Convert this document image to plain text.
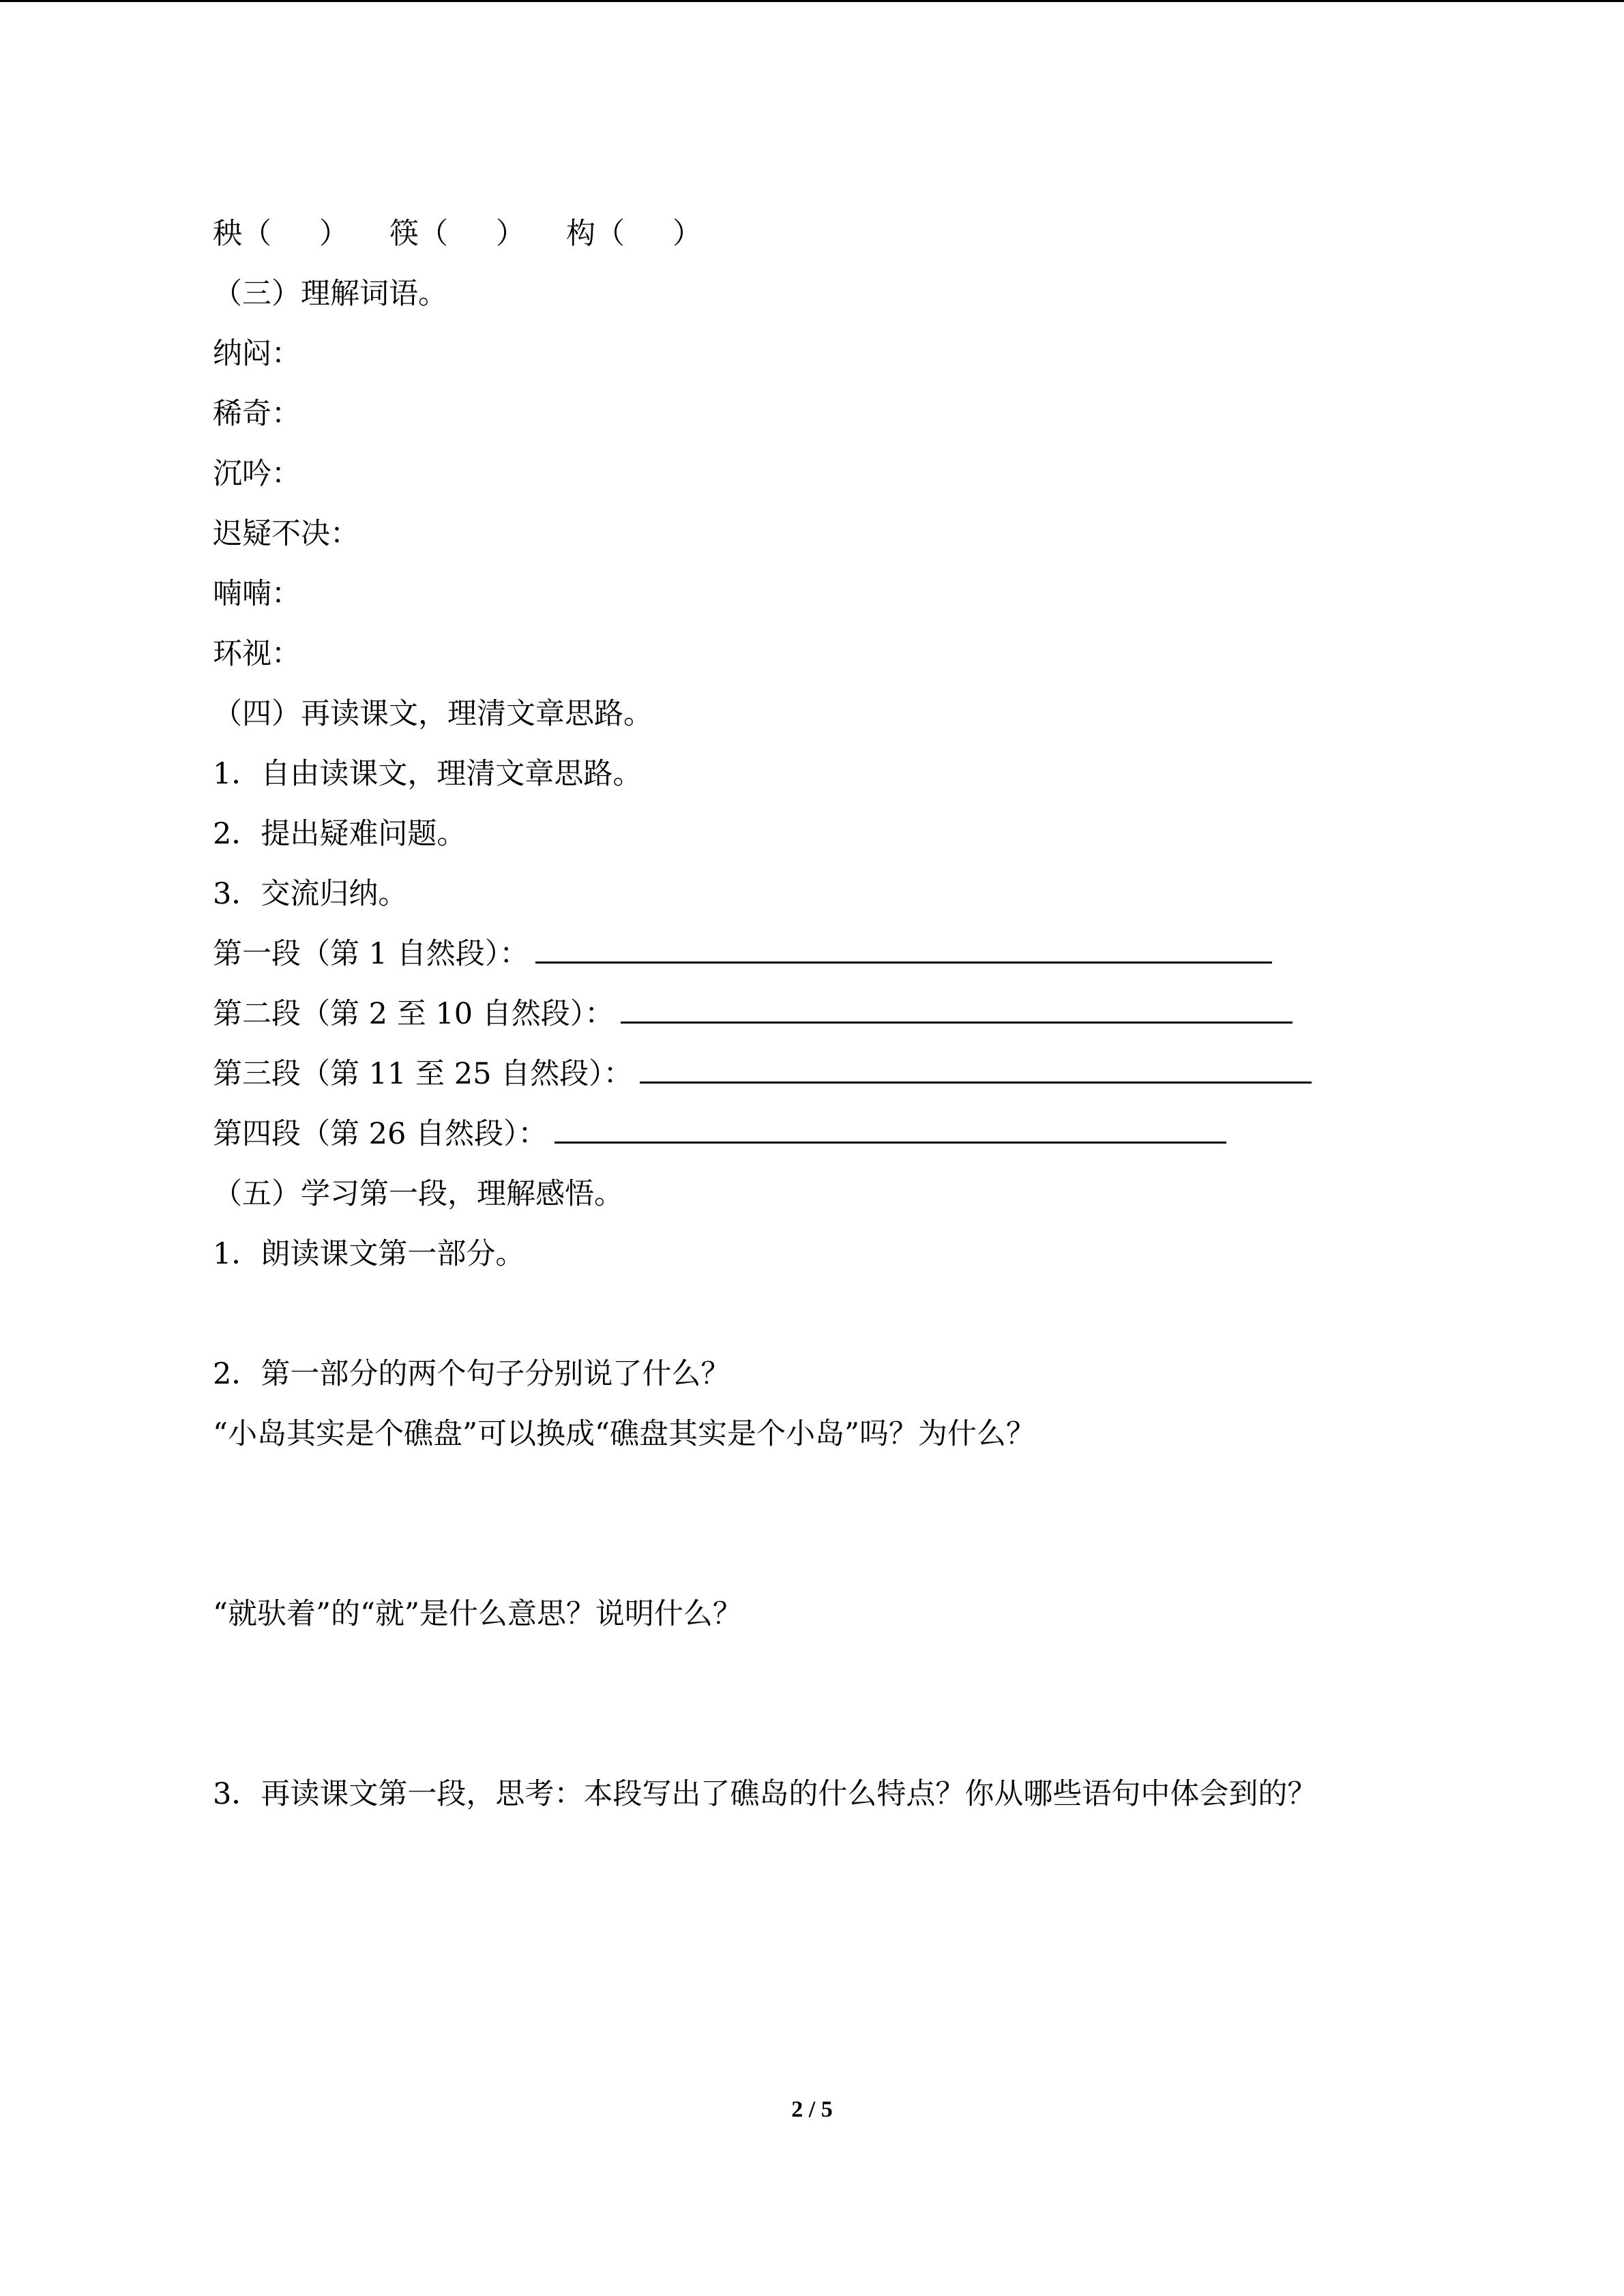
秧（ ） 筷（ ） 构（ ）
（三）理解词语。
纳闷：
稀奇：
沉吟：
迟疑不决：
喃喃：
环视：
（四）再读课文，理清文章思路。
1．自由读课文，理清文章思路。
2．提出疑难问题。
3．交流归纳。
第一段（第 1 自然段）：
第二段（第 2 至 10 自然段）：
第三段（第 11 至 25 自然段）：
第四段（第 26 自然段）：
（五）学习第一段，理解感悟。
1．朗读课文第一部分。
2．第一部分的两个句子分别说了什么？
“小岛其实是个礁盘”可以换成“礁盘其实是个小岛”吗？为什么？
“就驮着”的“就”是什么意思？说明什么？
3．再读课文第一段，思考：本段写出了礁岛的什么特点？你从哪些语句中体会到的？
2 / 5
